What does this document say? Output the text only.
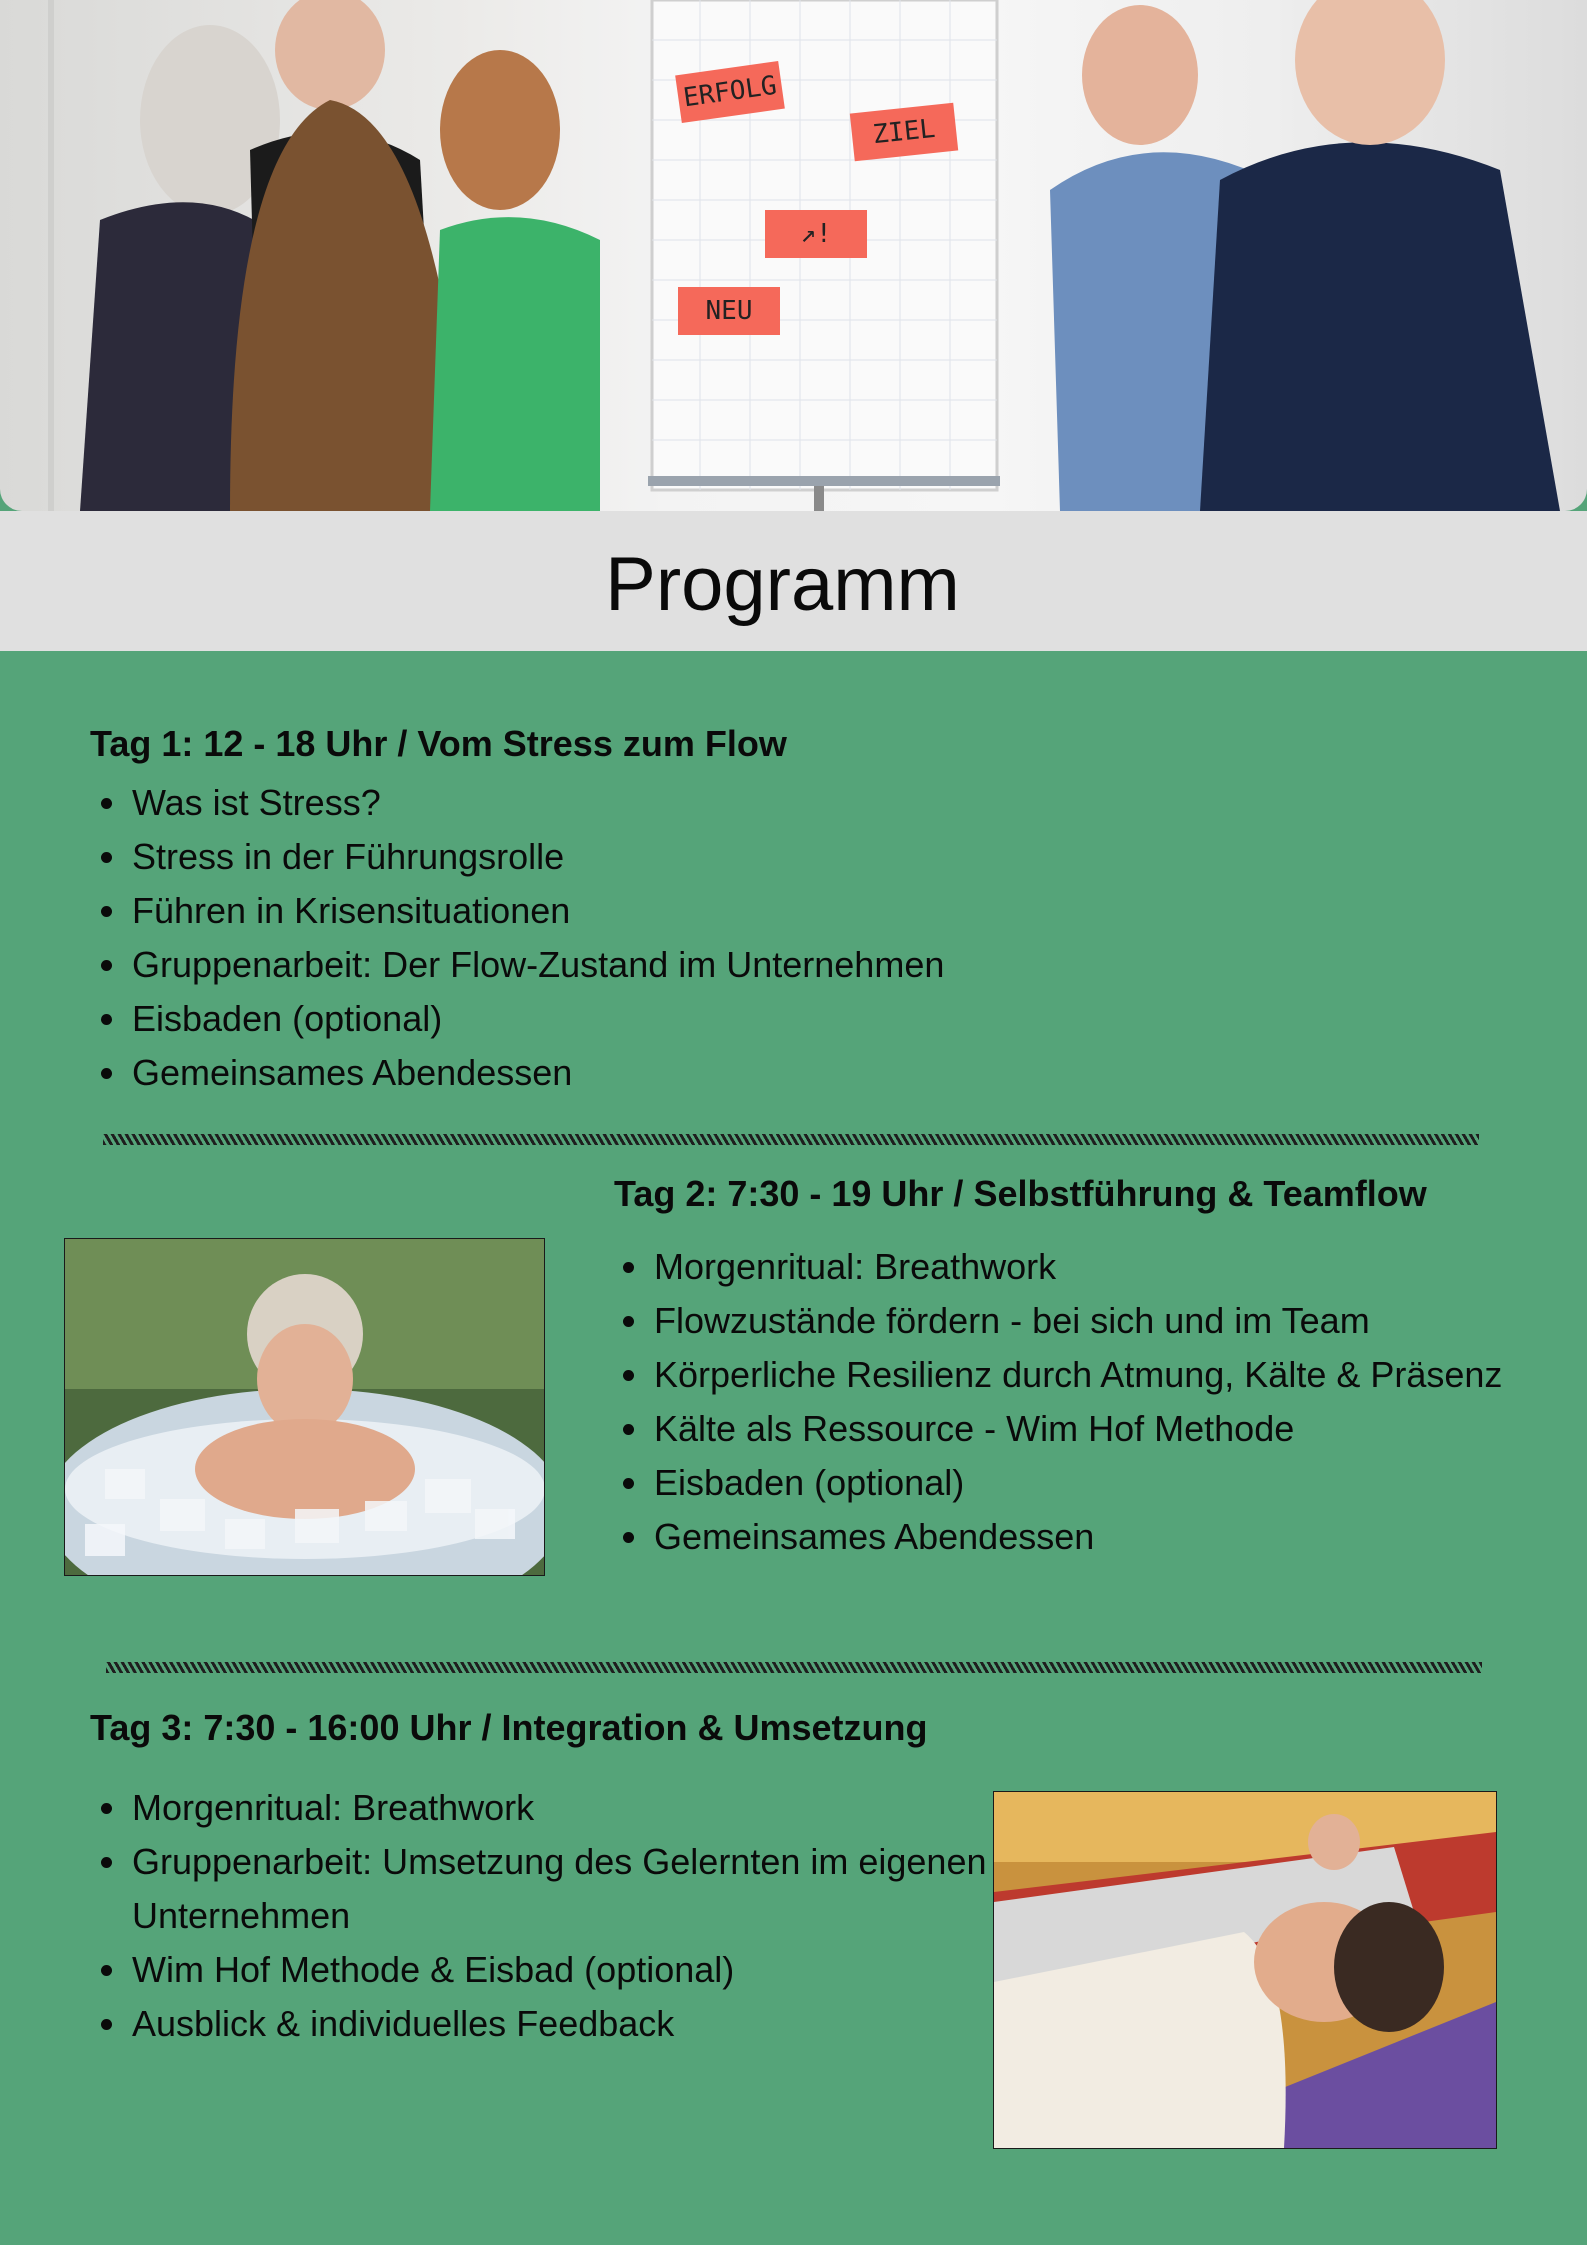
ERFOLG
ZIEL
↗!
NEU
Programm
Tag 1: 12 - 18 Uhr / Vom Stress zum Flow
• Was ist Stress?
• Stress in der Führungsrolle
• Führen in Krisensituationen
• Gruppenarbeit: Der Flow-Zustand im Unternehmen
• Eisbaden (optional)
• Gemeinsames Abendessen
Tag 2: 7:30 - 19 Uhr / Selbstführung & Teamflow
• Morgenritual: Breathwork
• Flowzustände fördern - bei sich und im Team
• Körperliche Resilienz durch Atmung, Kälte & Präsenz
• Kälte als Ressource - Wim Hof Methode
• Eisbaden (optional)
• Gemeinsames Abendessen
Tag 3: 7:30 - 16:00 Uhr / Integration & Umsetzung
• Morgenritual: Breathwork
• Gruppenarbeit: Umsetzung des Gelernten im eigenen Unternehmen
• Wim Hof Methode & Eisbad (optional)
• Ausblick & individuelles Feedback
